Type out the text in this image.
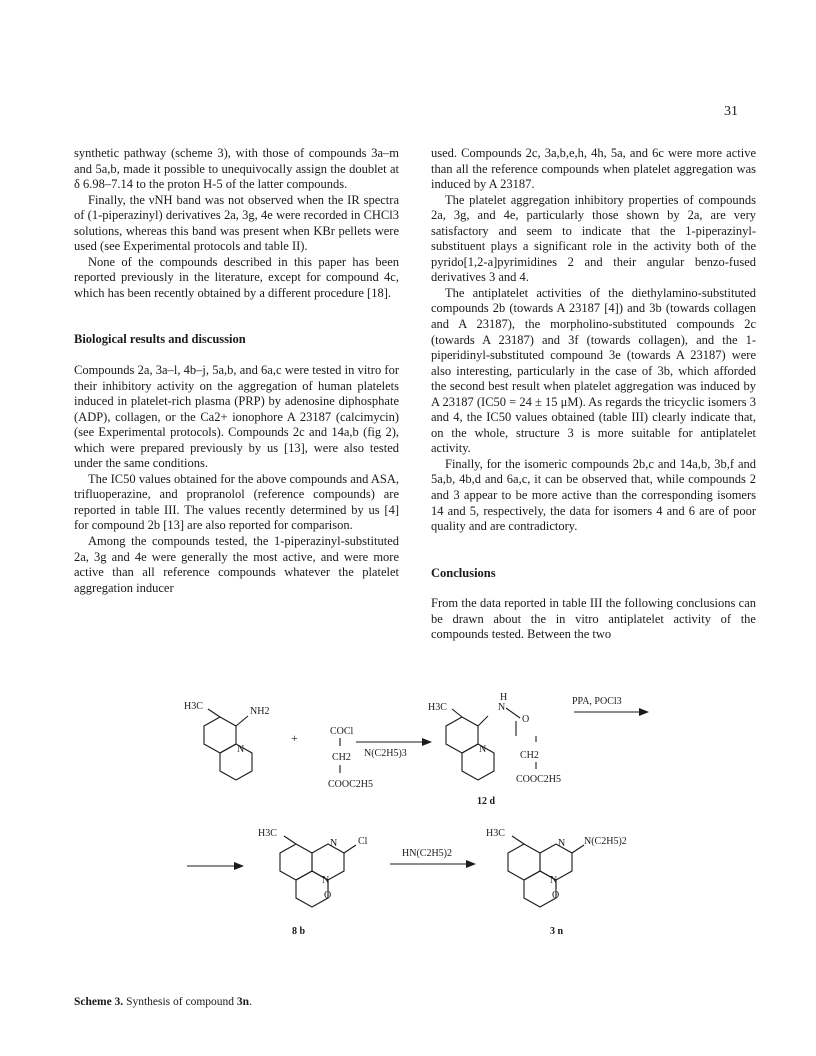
31

synthetic pathway (scheme 3), with those of compounds 3a–m and 5a,b, made it possible to unequivocally assign the doublet at δ 6.98–7.14 to the proton H-5 of the latter compounds.

Finally, the νNH band was not observed when the IR spectra of (1-piperazinyl) derivatives 2a, 3g, 4e were recorded in CHCl3 solutions, whereas this band was present when KBr pellets were used (see Experimental protocols and table II).

None of the compounds described in this paper has been reported previously in the literature, except for compound 4c, which has been recently obtained by a different procedure [18].

Biological results and discussion

Compounds 2a, 3a–l, 4b–j, 5a,b, and 6a,c were tested in vitro for their inhibitory activity on the aggregation of human platelets induced in platelet-rich plasma (PRP) by adenosine diphosphate (ADP), collagen, or the Ca2+ ionophore A 23187 (calcimycin) (see Experimental protocols). Compounds 2c and 14a,b (fig 2), which were prepared previously by us [13], were also tested under the same conditions.

The IC50 values obtained for the above compounds and ASA, trifluoperazine, and propranolol (reference compounds) are reported in table III. The values recently determined by us [4] for compound 2b [13] are also reported for comparison.

Among the compounds tested, the 1-piperazinyl-substituted 2a, 3g and 4e were generally the most active, and were more active than all reference compounds whatever the platelet aggregation inducer

used. Compounds 2c, 3a,b,e,h, 4h, 5a, and 6c were more active than all the reference compounds when platelet aggregation was induced by A 23187.

The platelet aggregation inhibitory properties of compounds 2a, 3g, and 4e, particularly those shown by 2a, are very satisfactory and seem to indicate that the 1-piperazinyl-substituent plays a significant role in the activity both of the pyrido[1,2-a]pyrimidines 2 and their angular benzo-fused derivatives 3 and 4.

The antiplatelet activities of the diethylamino-substituted compounds 2b (towards A 23187 [4]) and 3b (towards collagen and A 23187), the morpholino-substituted compounds 2c (towards A 23187) and 3f (towards collagen), and the 1-piperidinyl-substituted compound 3e (towards A 23187) were also interesting, particularly in the case of 3b, which afforded the second best result when platelet aggregation was induced by A 23187 (IC50 = 24 ± 15 μM). As regards the tricyclic isomers 3 and 4, the IC50 values obtained (table III) clearly indicate that, on the whole, structure 3 is more suitable for antiplatelet activity.

Finally, for the isomeric compounds 2b,c and 14a,b, 3b,f and 5a,b, 4b,d and 6a,c, it can be observed that, while compounds 2 and 3 appear to be more active than the corresponding isomers 14 and 5, respectively, the data for isomers 4 and 6 are of poor quality and are contradictory.

Conclusions

From the data reported in table III the following conclusions can be drawn about the in vitro antiplatelet activity of the compounds tested. Between the two

H3C	NH2
N
+	COCl
CH2
COOC2H5
N(C2H5)3
H3C
H
N
O
N
CH2
COOC2H5
PPA, POCl3
12 d
H3C
N
N
Cl
O
HN(C2H5)2
8 b
H3C
N
N
N(C2H5)2
O
3 n
Scheme 3. Synthesis of compound 3n.
